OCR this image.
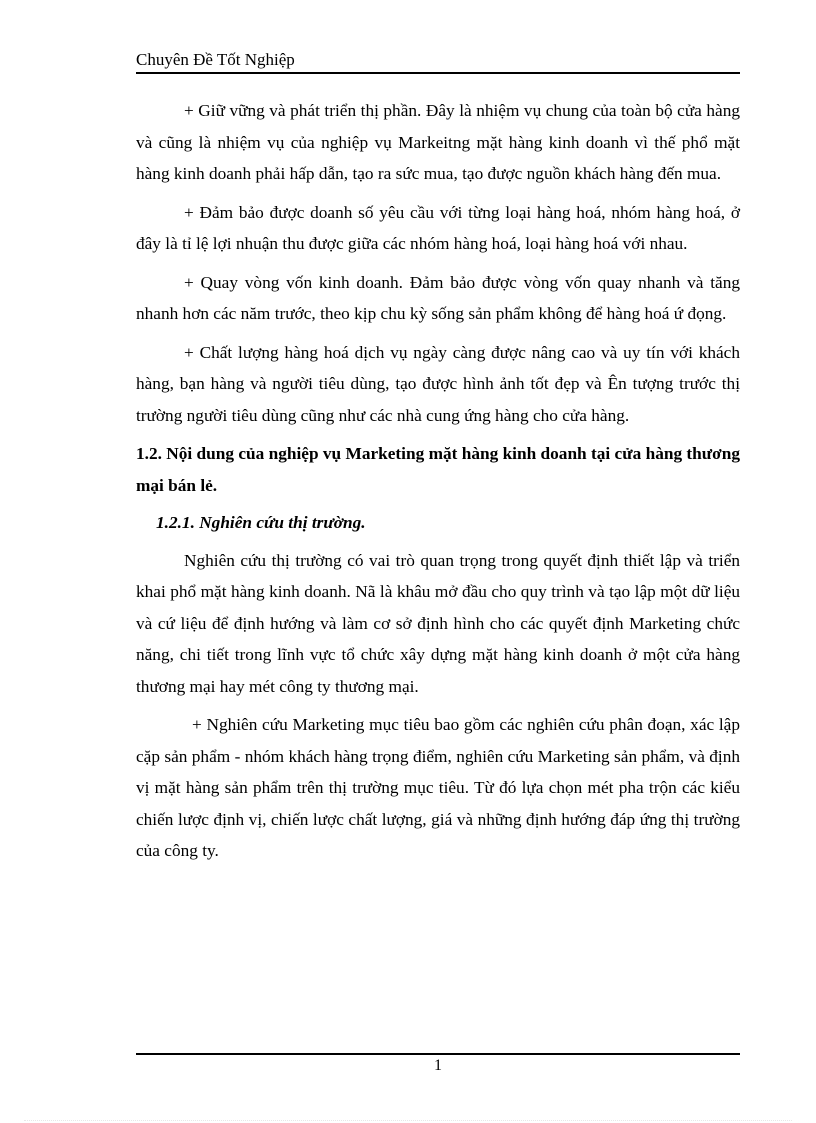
Chuyên Đề Tốt Nghiệp

+ Giữ vững và phát triển thị phần. Đây là nhiệm vụ chung của toàn bộ cửa hàng và cũng là nhiệm vụ của nghiệp vụ Markeitng mặt hàng kinh doanh vì thế phổ mặt hàng kinh doanh phải hấp dẫn, tạo ra sức mua, tạo được nguồn khách hàng đến mua.

+ Đảm bảo được doanh số yêu cầu với từng loại hàng hoá, nhóm hàng hoá, ở đây là tỉ lệ lợi nhuận thu được giữa các nhóm hàng hoá, loại hàng hoá với nhau.

+ Quay vòng vốn kinh doanh. Đảm bảo được vòng vốn quay nhanh và tăng nhanh hơn các năm trước, theo kịp chu kỳ sống sản phẩm không để hàng hoá ứ đọng.

+ Chất lượng hàng hoá dịch vụ ngày càng được nâng cao và uy tín với khách hàng, bạn hàng và người tiêu dùng, tạo được hình ảnh tốt đẹp và Ên tượng trước thị trường người tiêu dùng cũng như các nhà cung ứng hàng cho cửa hàng.

1.2. Nội dung của nghiệp vụ Marketing mặt hàng kinh doanh tại cửa hàng thương mại bán lẻ.

1.2.1. Nghiên cứu thị trường.

Nghiên cứu thị trường có vai trò quan trọng trong quyết định thiết lập và triển khai phổ mặt hàng kinh doanh. Nã là khâu mở đầu cho quy trình và tạo lập một dữ liệu và cứ liệu để định hướng và làm cơ sở định hình cho các quyết định Marketing chức năng, chi tiết trong lĩnh vực tổ chức xây dựng mặt hàng kinh doanh ở một cửa hàng thương mại hay mét công ty thương mại.

+ Nghiên cứu Marketing mục tiêu bao gồm các nghiên cứu phân đoạn, xác lập cặp sản phẩm - nhóm khách hàng trọng điểm, nghiên cứu Marketing sản phẩm, và định vị mặt hàng sản phẩm trên thị trường mục tiêu. Từ đó lựa chọn mét pha trộn các kiểu chiến lược định vị, chiến lược chất lượng, giá và những định hướng đáp ứng thị trường của công ty.

1
